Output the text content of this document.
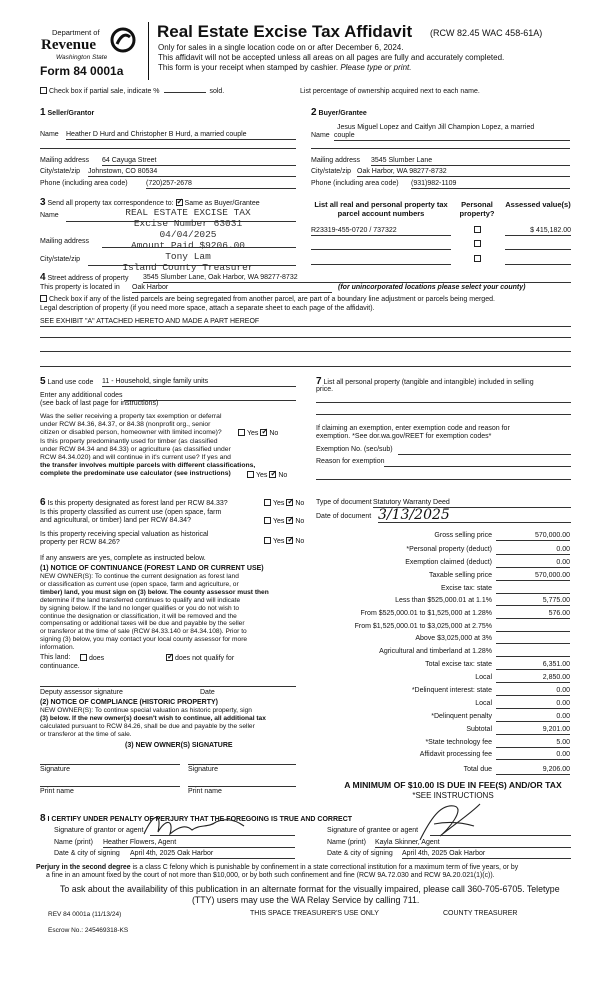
Department of
Revenue
Washington State
Form 84 0001a
Real Estate Excise Tax Affidavit (RCW 82.45 WAC 458-61A)
Only for sales in a single location code on or after December 6, 2024.
This affidavit will not be accepted unless all areas on all pages are fully and accurately completed.
This form is your receipt when stamped by cashier. Please type or print.
Check box if partial sale, indicate %	sold.	List percentage of ownership acquired next to each name.
1 Seller/Grantor
Name Heather D Hurd and Christopher B Hurd, a married couple
Mailing address 64 Cayuga Street
City/state/zip Johnstown, CO 80534
Phone (including area code)	(720)257-2678
2 Buyer/Grantee
Jesus Miguel Lopez and Caitlyn Jill Champion Lopez, a married
Name couple
Mailing address 3545 Slumber Lane
City/state/zip Oak Harbor, WA 98277-8732
Phone (including area code) (931)982-1109
3 Send all property tax correspondence to: ✓ Same as Buyer/Grantee
Name
Mailing address
City/state/zip
REAL ESTATE EXCISE TAX
Excise Number 63031
04/04/2025
Amount Paid $9206.00
Tony Lam
Island County Treasurer
List all real and personal property tax parcel account numbers
Personal property?
Assessed value(s)
R23319-455-0720 / 737322	$ 415,182.00
4 Street address of property 3545 Slumber Lane, Oak Harbor, WA 98277-8732
This property is located in Oak Harbor	(for unincorporated locations please select your county)
Check box if any of the listed parcels are being segregated from another parcel, are part of a boundary line adjustment or parcels being merged.
Legal description of property (if you need more space, attach a separate sheet to each page of the affidavit).
SEE EXHIBIT "A" ATTACHED HERETO AND MADE A PART HEREOF
5 Land use code 11 - Household, single family units
Enter any additional codes
(see back of last page for instructions)
Was the seller receiving a property tax exemption or deferral
under RCW 84.36, 84.37, or 84.38 (nonprofit org., senior
citizen or disabled person, homeowner with limited income)?	Yes ✓ No
Is this property predominantly used for timber (as classified
under RCW 84.34 and 84.33) or agriculture (as classified under
RCW 84.34.020) and will continue in it's current use? If yes and
the transfer involves multiple parcels with different classifications,
complete the predominate use calculator (see instructions)	Yes ✓ No
7 List all personal property (tangible and intangible) included in selling
price.
If claiming an exemption, enter exemption code and reason for
exemption. *See dor.wa.gov/REET for exemption codes*
Exemption No. (sec/sub)
Reason for exemption
6 Is this property designated as forest land per RCW 84.33?	Yes ✓ No
Is this property classified as current use (open space, farm
and agricultural, or timber) land per RCW 84.34?	Yes ✓ No
Is this property receiving special valuation as historical
property per RCW 84.26?	Yes ✓ No
If any answers are yes, complete as instructed below.
(1) NOTICE OF CONTINUANCE (FOREST LAND OR CURRENT USE)
NEW OWNER(S): To continue the current designation as forest land
or classification as current use (open space, farm and agriculture, or
timber) land, you must sign on (3) below. The county assessor must then
determine if the land transferred continues to qualify and will indicate
by signing below. If the land no longer qualifies or you do not wish to
continue the designation or classification, it will be removed and the
compensating or additional taxes will be due and payable by the seller
or transferor at the time of sale (RCW 84.33.140 or 84.34.108). Prior to
signing (3) below, you may contact your local county assessor for more
information.
This land:	does ✓	does not qualify for
continuance.
Deputy assessor signature	Date
(2) NOTICE OF COMPLIANCE (HISTORIC PROPERTY)
NEW OWNER(S): To continue special valuation as historic property, sign
(3) below. If the new owner(s) doesn't wish to continue, all additional tax
calculated pursuant to RCW 84.26, shall be due and payable by the seller
or transferor at the time of sale.
(3) NEW OWNER(S) SIGNATURE
Signature	Signature
Print name	Print name
Type of document Statutory Warranty Deed
Date of document 3/13/2025
Gross selling price	570,000.00
*Personal property (deduct)	0.00
Exemption claimed (deduct)	0.00
Taxable selling price	570,000.00
Excise tax: state
Less than $525,000.01 at 1.1%	5,775.00
From $525,000.01 to $1,525,000 at 1.28%	576.00
From $1,525,000.01 to $3,025,000 at 2.75%
Above $3,025,000 at 3%
Agricultural and timberland at 1.28%
Total excise tax: state	6,351.00
Local	2,850.00
*Delinquent interest: state	0.00
Local	0.00
*Delinquent penalty	0.00
Subtotal	9,201.00
*State technology fee	5.00
Affidavit processing fee	0.00
Total due	9,206.00
A MINIMUM OF $10.00 IS DUE IN FEE(S) AND/OR TAX
*SEE INSTRUCTIONS
8 I CERTIFY UNDER PENALTY OF PERJURY THAT THE FOREGOING IS TRUE AND CORRECT
Signature of grantor or agent
Name (print) Heather Flowers, Agent
Date & city of signing April 4th, 2025 Oak Harbor
Signature of grantee or agent
Name (print) Kayla Skinner, Agent
Date & city of signing April 4th, 2025 Oak Harbor
Perjury in the second degree is a class C felony which is punishable by confinement in a state correctional institution for a maximum term of five years, or by
a fine in an amount fixed by the court of not more than $10,000, or by both such confinement and fine (RCW 9A.72.030 and RCW 9A.20.021(1)(c)).
To ask about the availability of this publication in an alternate format for the visually impaired, please call 360-705-6705. Teletype
(TTY) users may use the WA Relay Service by calling 711.
REV 84 0001a (11/13/24)	THIS SPACE TREASURER'S USE ONLY	COUNTY TREASURER
Escrow No.: 245469318-KS
